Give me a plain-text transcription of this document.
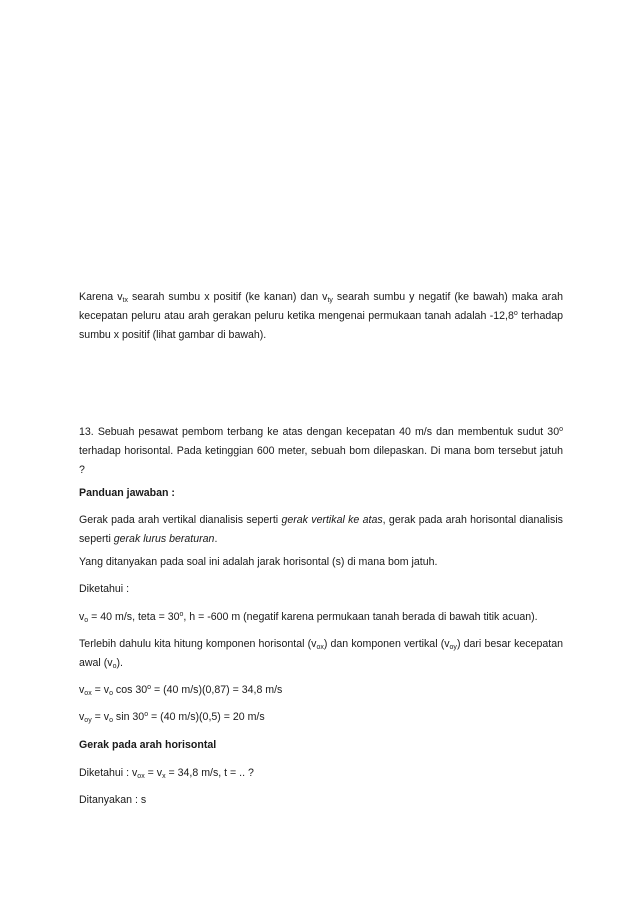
Karena $v_{tx}$ searah sumbu x positif (ke kanan) dan $v_{ty}$ searah sumbu y negatif (ke bawah) maka arah kecepatan peluru atau arah gerakan peluru ketika mengenai permukaan tanah adalah -12,8$^o$ terhadap sumbu x positif (lihat gambar di bawah).

13. Sebuah pesawat pembom terbang ke atas dengan kecepatan 40 m/s dan membentuk sudut 30$^o$ terhadap horisontal. Pada ketinggian 600 meter, sebuah bom dilepaskan. Di mana bom tersebut jatuh ?

Panduan jawaban :

Gerak pada arah vertikal dianalisis seperti gerak vertikal ke atas, gerak pada arah horisontal dianalisis seperti gerak lurus beraturan.

Yang ditanyakan pada soal ini adalah jarak horisontal (s) di mana bom jatuh.

Diketahui :

$v_o = 40$ m/s, teta = $30^o$, h = -600 m (negatif karena permukaan tanah berada di bawah titik acuan).

Terlebih dahulu kita hitung komponen horisontal $(v_{ox})$ dan komponen vertikal $(v_{oy})$ dari besar kecepatan awal $(v_o)$.

$v_{ox} = v_o$ $\cos 30^o = (40$ m/s)(0,87) = 34,8 m/s

$v_{oy} = v_o$ $\sin 30^o = (40$ m/s)(0,5) = 20 m/s

Gerak pada arah horisontal

Diketahui : $v_{ox} = v_x = 34,8$ m/s, t = .. ?

Ditanyakan : s
